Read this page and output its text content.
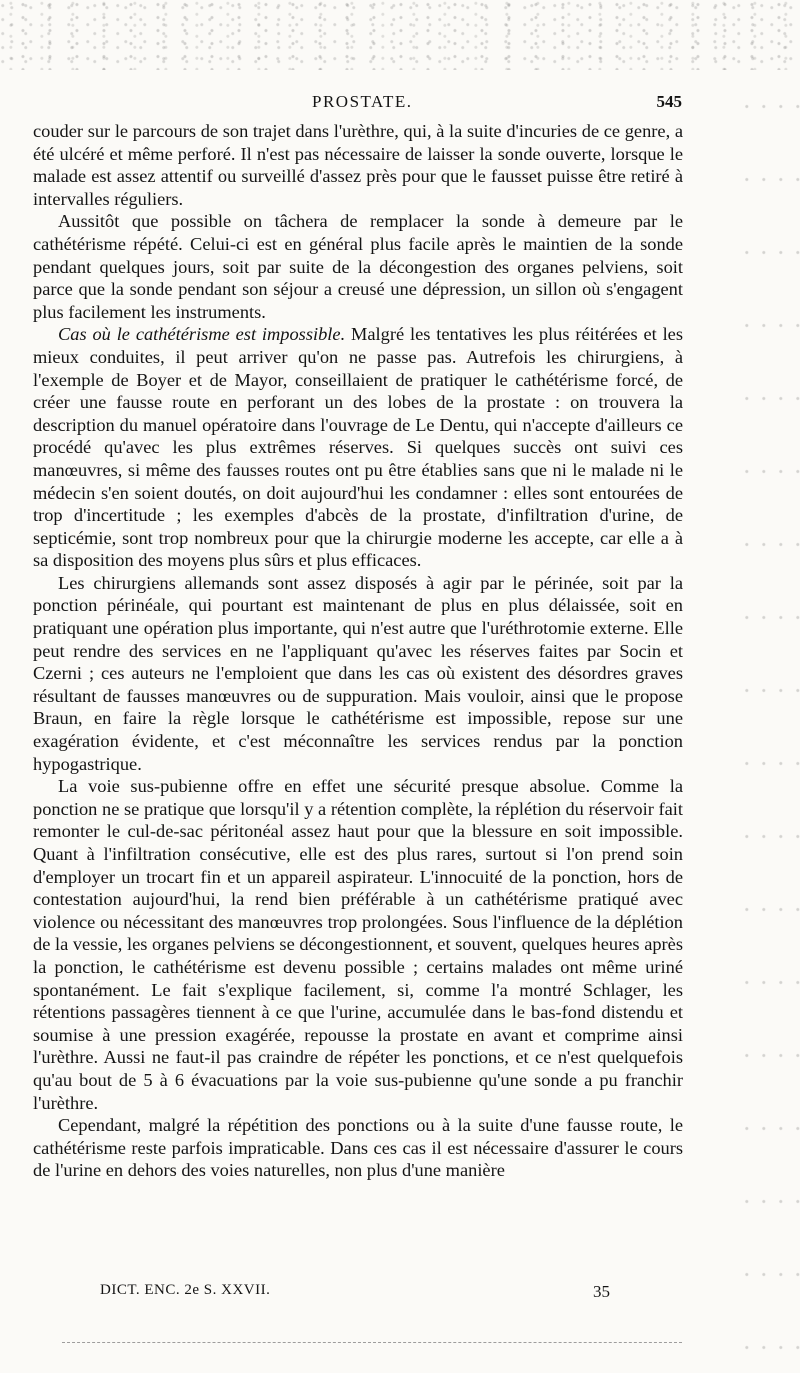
PROSTATE.	545

couder sur le parcours de son trajet dans l'urèthre, qui, à la suite d'incuries de ce genre, a été ulcéré et même perforé. Il n'est pas nécessaire de laisser la sonde ouverte, lorsque le malade est assez attentif ou surveillé d'assez près pour que le fausset puisse être retiré à intervalles réguliers.

Aussitôt que possible on tâchera de remplacer la sonde à demeure par le cathétérisme répété. Celui-ci est en général plus facile après le maintien de la sonde pendant quelques jours, soit par suite de la décongestion des organes pelviens, soit parce que la sonde pendant son séjour a creusé une dépression, un sillon où s'engagent plus facilement les instruments.

Cas où le cathétérisme est impossible. Malgré les tentatives les plus réitérées et les mieux conduites, il peut arriver qu'on ne passe pas. Autrefois les chirurgiens, à l'exemple de Boyer et de Mayor, conseillaient de pratiquer le cathétérisme forcé, de créer une fausse route en perforant un des lobes de la prostate : on trouvera la description du manuel opératoire dans l'ouvrage de Le Dentu, qui n'accepte d'ailleurs ce procédé qu'avec les plus extrêmes réserves. Si quelques succès ont suivi ces manœuvres, si même des fausses routes ont pu être établies sans que ni le malade ni le médecin s'en soient doutés, on doit aujourd'hui les condamner : elles sont entourées de trop d'incertitude ; les exemples d'abcès de la prostate, d'infiltration d'urine, de septicémie, sont trop nombreux pour que la chirurgie moderne les accepte, car elle a à sa disposition des moyens plus sûrs et plus efficaces.

Les chirurgiens allemands sont assez disposés à agir par le périnée, soit par la ponction périnéale, qui pourtant est maintenant de plus en plus délaissée, soit en pratiquant une opération plus importante, qui n'est autre que l'uréthrotomie externe. Elle peut rendre des services en ne l'appliquant qu'avec les réserves faites par Socin et Czerni ; ces auteurs ne l'emploient que dans les cas où existent des désordres graves résultant de fausses manœuvres ou de suppuration. Mais vouloir, ainsi que le propose Braun, en faire la règle lorsque le cathétérisme est impossible, repose sur une exagération évidente, et c'est méconnaître les services rendus par la ponction hypogastrique.

La voie sus-pubienne offre en effet une sécurité presque absolue. Comme la ponction ne se pratique que lorsqu'il y a rétention complète, la réplétion du réservoir fait remonter le cul-de-sac péritonéal assez haut pour que la blessure en soit impossible. Quant à l'infiltration consécutive, elle est des plus rares, surtout si l'on prend soin d'employer un trocart fin et un appareil aspirateur. L'innocuité de la ponction, hors de contestation aujourd'hui, la rend bien préférable à un cathétérisme pratiqué avec violence ou nécessitant des manœuvres trop prolongées. Sous l'influence de la déplétion de la vessie, les organes pelviens se décongestionnent, et souvent, quelques heures après la ponction, le cathétérisme est devenu possible ; certains malades ont même uriné spontanément. Le fait s'explique facilement, si, comme l'a montré Schlager, les rétentions passagères tiennent à ce que l'urine, accumulée dans le bas-fond distendu et soumise à une pression exagérée, repousse la prostate en avant et comprime ainsi l'urèthre. Aussi ne faut-il pas craindre de répéter les ponctions, et ce n'est quelquefois qu'au bout de 5 à 6 évacuations par la voie sus-pubienne qu'une sonde a pu franchir l'urèthre.

Cependant, malgré la répétition des ponctions ou à la suite d'une fausse route, le cathétérisme reste parfois impraticable. Dans ces cas il est nécessaire d'assurer le cours de l'urine en dehors des voies naturelles, non plus d'une manière

DICT. ENC. 2e S. XXVII.	35
